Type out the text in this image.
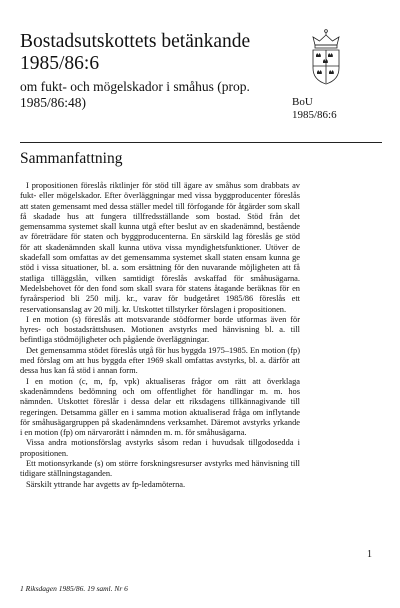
Bostadsutskottets betänkande
1985/86:6
om fukt- och mögelskador i småhus (prop. 1985/86:48)	BoU
1985/86:6
Sammanfattning

I propositionen föreslås riktlinjer för stöd till ägare av småhus som drabbats av fukt- eller mögelskador. Efter överläggningar med vissa byggproducenter föreslås att staten gemensamt med dessa ställer medel till förfogande för åtgärder som skall få skadade hus att fungera tillfredsställande som bostad. Stöd från det gemensamma systemet skall kunna utgå efter beslut av en skadenämnd, bestående av företrädare för staten och byggproducenterna. En särskild lag föreslås ge stöd för att skadenämnden skall kunna utöva vissa myndighetsfunktioner. Utöver de skadefall som omfattas av det gemensamma systemet skall staten ensam kunna ge stöd i vissa situationer, bl. a. som ersättning för den nuvarande möjligheten att få statliga tilläggslån, vilken samtidigt föreslås avskaffad för småhusägarna. Medelsbehovet för den fond som skall svara för statens åtagande beräknas för en fyraårsperiod bli 250 milj. kr., varav för budgetåret 1985/86 föreslås ett reservationsanslag av 20 milj. kr. Utskottet tillstyrker förslagen i propositionen.

I en motion (s) föreslås att motsvarande stödformer borde utformas även för hyres- och bostadsrättshusen. Motionen avstyrks med hänvisning bl. a. till befintliga stödmöjligheter och pågående överläggningar.

Det gemensamma stödet föreslås utgå för hus byggda 1975–1985. En motion (fp) med förslag om att hus byggda efter 1969 skall omfattas avstyrks, bl. a. därför att dessa hus kan få stöd i annan form.

I en motion (c, m, fp, vpk) aktualiseras frågor om rätt att överklaga skadenämndens bedömning och om offentlighet för handlingar m. m. hos nämnden. Utskottet föreslår i dessa delar ett riksdagens tillkännagivande till regeringen. Detsamma gäller en i samma motion aktualiserad fråga om inflytande för småhusägargruppen på skadenämndens verksamhet. Däremot avstyrks yrkande i en motion (fp) om närvarorätt i nämnden m. m. för småhusägarna.

Vissa andra motionsförslag avstyrks såsom redan i huvudsak tillgodosedda i propositionen.

Ett motionsyrkande (s) om större forskningsresurser avstyrks med hänvisning till tidigare ställningstaganden.

Särskilt yttrande har avgetts av fp-ledamöterna.

1
1 Riksdagen 1985/86. 19 saml. Nr 6
